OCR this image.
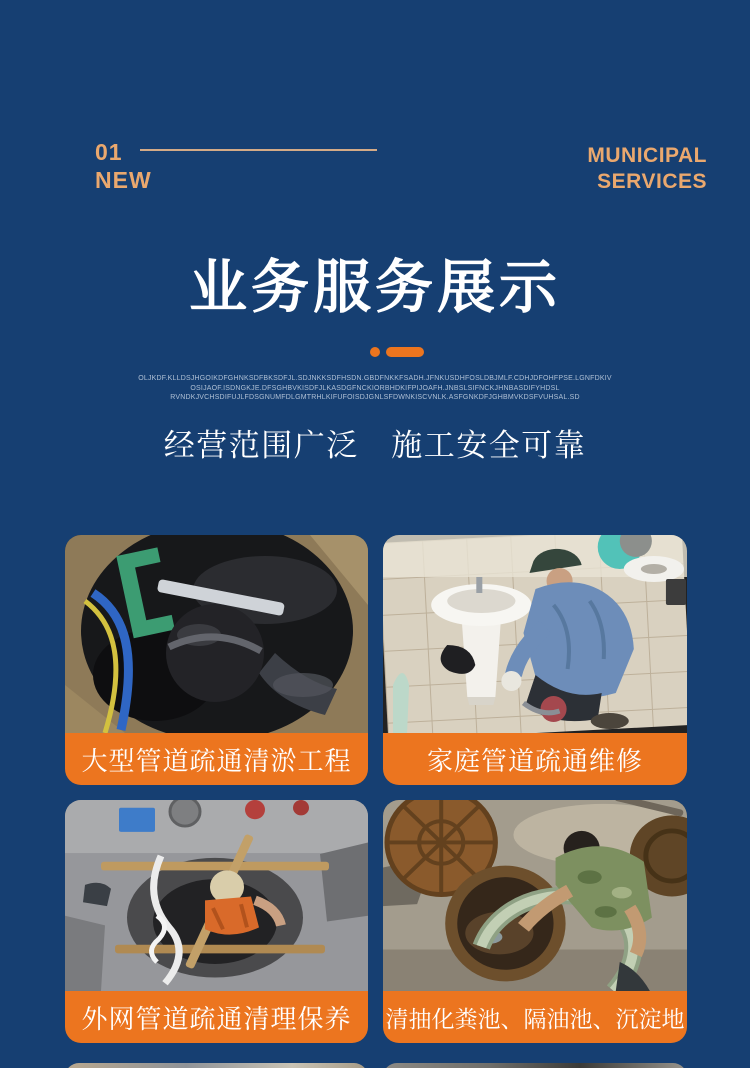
01
NEW
MUNICIPAL
SERVICES
业务服务展示
OLJKDF.KLLDSJHGOIKDFGHNKSDFBKSDFJL.SDJNKKSDFHSDN.GBDFNKKFSADH.JFNKUSDHFOSLDBJMLF.CDHJDFOHFPSE.LGNFDKIV
OSIJAOF.ISDNGKJE.DFSGHBVKISDFJLKASDGFNCKIORBHDKIFPIJOAFH.JNBSLSIFNCKJHNBASDIFYHDSL
RVNDKJVCHSDIFUJLFDSGNUMFDLGMTRHLKIFUFOISDJGNLSFDWNKISCVNLK.ASFGNKDFJGHBMVKDSFVUHSAL.SD
经营范围广泛　施工安全可靠
大型管道疏通清淤工程	家庭管道疏通维修
外网管道疏通清理保养	清抽化粪池、隔油池、沉淀地
